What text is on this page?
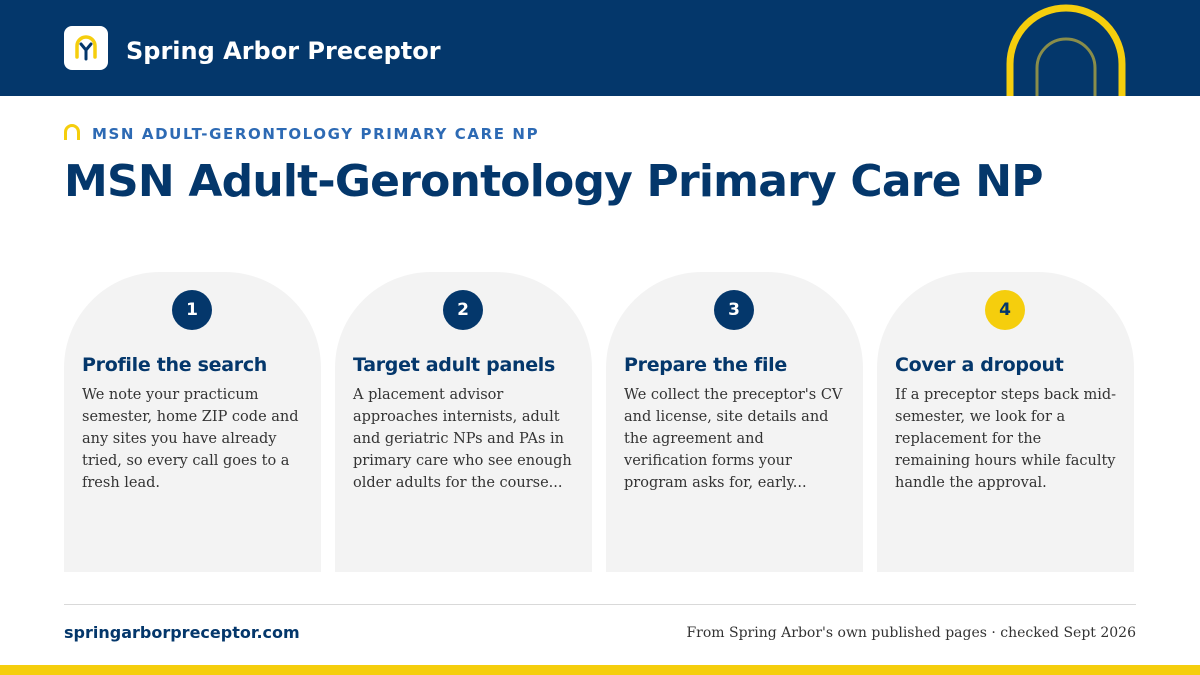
Spring Arbor Preceptor
MSN ADULT-GERONTOLOGY PRIMARY CARE NP
MSN Adult-Gerontology Primary Care NP
1
Profile the search
We note your practicum semester, home ZIP code and any sites you have already tried, so every call goes to a fresh lead.
2
Target adult panels
A placement advisor approaches internists, adult and geriatric NPs and PAs in primary care who see enough older adults for the course...
3
Prepare the file
We collect the preceptor's CV and license, site details and the agreement and verification forms your program asks for, early...
4
Cover a dropout
If a preceptor steps back mid-semester, we look for a replacement for the remaining hours while faculty handle the approval.
springarborpreceptor.com	From Spring Arbor's own published pages · checked Sept 2026
